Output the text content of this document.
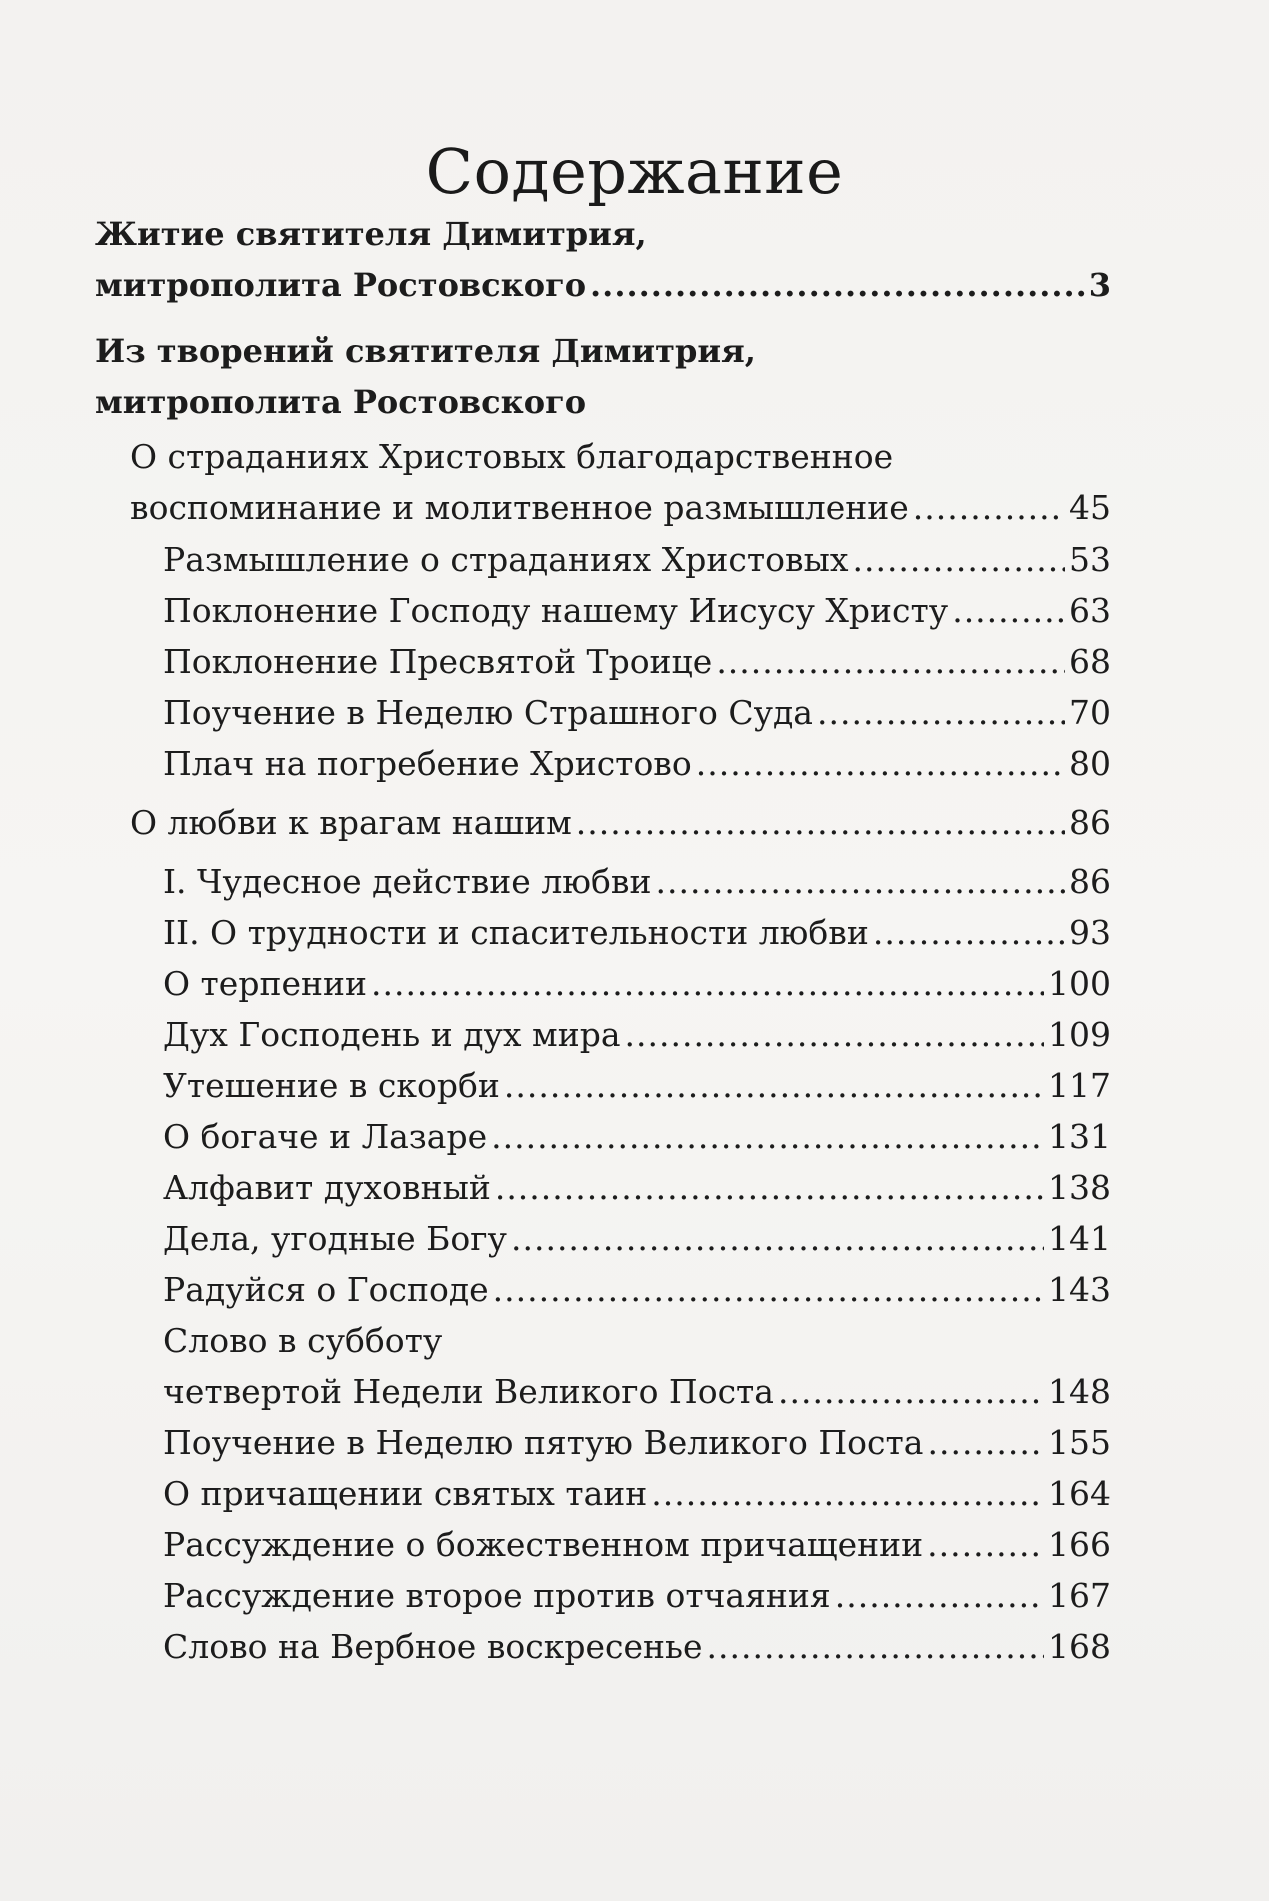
Содержание
Житие святителя Димитрия,
митрополита Ростовского .....	3
Из творений святителя Димитрия,
митрополита Ростовского
О страданиях Христовых благодарственное
воспоминание и молитвенное размышление .....	45
Размышление о страданиях Христовых .....	53
Поклонение Господу нашему Иисусу Христу .....	63
Поклонение Пресвятой Троице .....	68
Поучение в Неделю Страшного Суда .....	70
Плач на погребение Христово .....	80
О любви к врагам нашим .....	86
I. Чудесное действие любви .....	86
II. О трудности и спасительности любви .....	93
О терпении .....	100
Дух Господень и дух мира .....	109
Утешение в скорби .....	117
О богаче и Лазаре .....	131
Алфавит духовный .....	138
Дела, угодные Богу .....	141
Радуйся о Господе .....	143
Слово в субботу
четвертой Недели Великого Поста .....	148
Поучение в Неделю пятую Великого Поста .....	155
О причащении святых таин .....	164
Рассуждение о божественном причащении .....	166
Рассуждение второе против отчаяния .....	167
Слово на Вербное воскресенье .....	168
